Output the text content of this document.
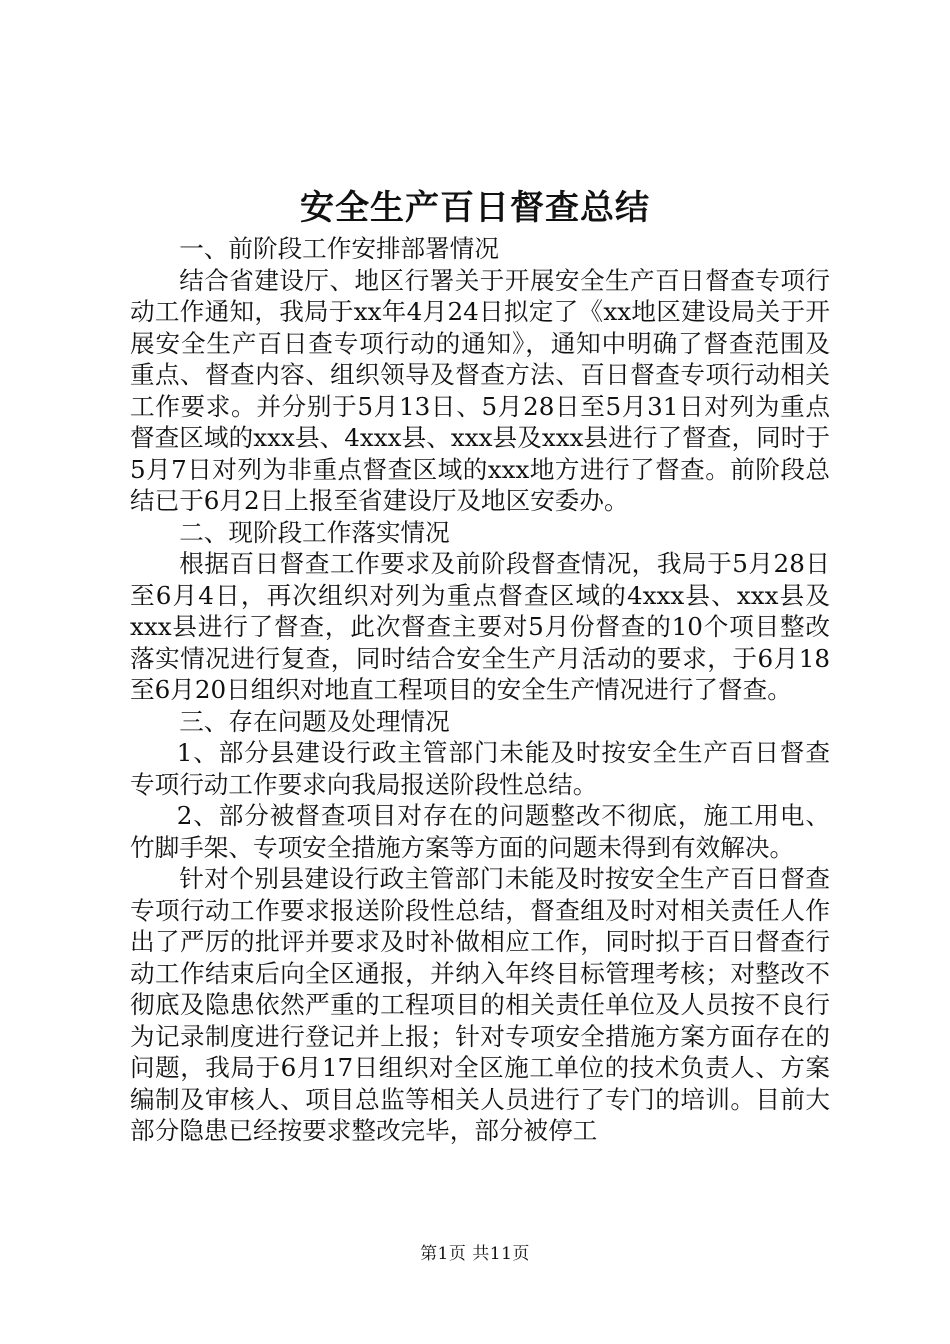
安全生产百日督查总结

一、前阶段工作安排部署情况

结合省建设厅、地区行署关于开展安全生产百日督查专项行动工作通知，我局于xx年4月24日拟定了《xx地区建设局关于开展安全生产百日查专项行动的通知》，通知中明确了督查范围及重点、督查内容、组织领导及督查方法、百日督查专项行动相关工作要求。并分别于5月13日、5月28日至5月31日对列为重点督查区域的xxx县、4xxx县、xxx县及xxx县进行了督查，同时于5月7日对列为非重点督查区域的xxx地方进行了督查。前阶段总结已于6月2日上报至省建设厅及地区安委办。

二、现阶段工作落实情况

根据百日督查工作要求及前阶段督查情况，我局于5月28日至6月4日，再次组织对列为重点督查区域的4xxx县、xxx县及xxx县进行了督查，此次督查主要对5月份督查的10个项目整改落实情况进行复查，同时结合安全生产月活动的要求，于6月18至6月20日组织对地直工程项目的安全生产情况进行了督查。

三、存在问题及处理情况

1、部分县建设行政主管部门未能及时按安全生产百日督查专项行动工作要求向我局报送阶段性总结。

2、部分被督查项目对存在的问题整改不彻底，施工用电、竹脚手架、专项安全措施方案等方面的问题未得到有效解决。

针对个别县建设行政主管部门未能及时按安全生产百日督查专项行动工作要求报送阶段性总结，督查组及时对相关责任人作出了严厉的批评并要求及时补做相应工作，同时拟于百日督查行动工作结束后向全区通报，并纳入年终目标管理考核；对整改不彻底及隐患依然严重的工程项目的相关责任单位及人员按不良行为记录制度进行登记并上报；针对专项安全措施方案方面存在的问题，我局于6月17日组织对全区施工单位的技术负责人、方案编制及审核人、项目总监等相关人员进行了专门的培训。目前大部分隐患已经按要求整改完毕，部分被停工

第1页 共11页
